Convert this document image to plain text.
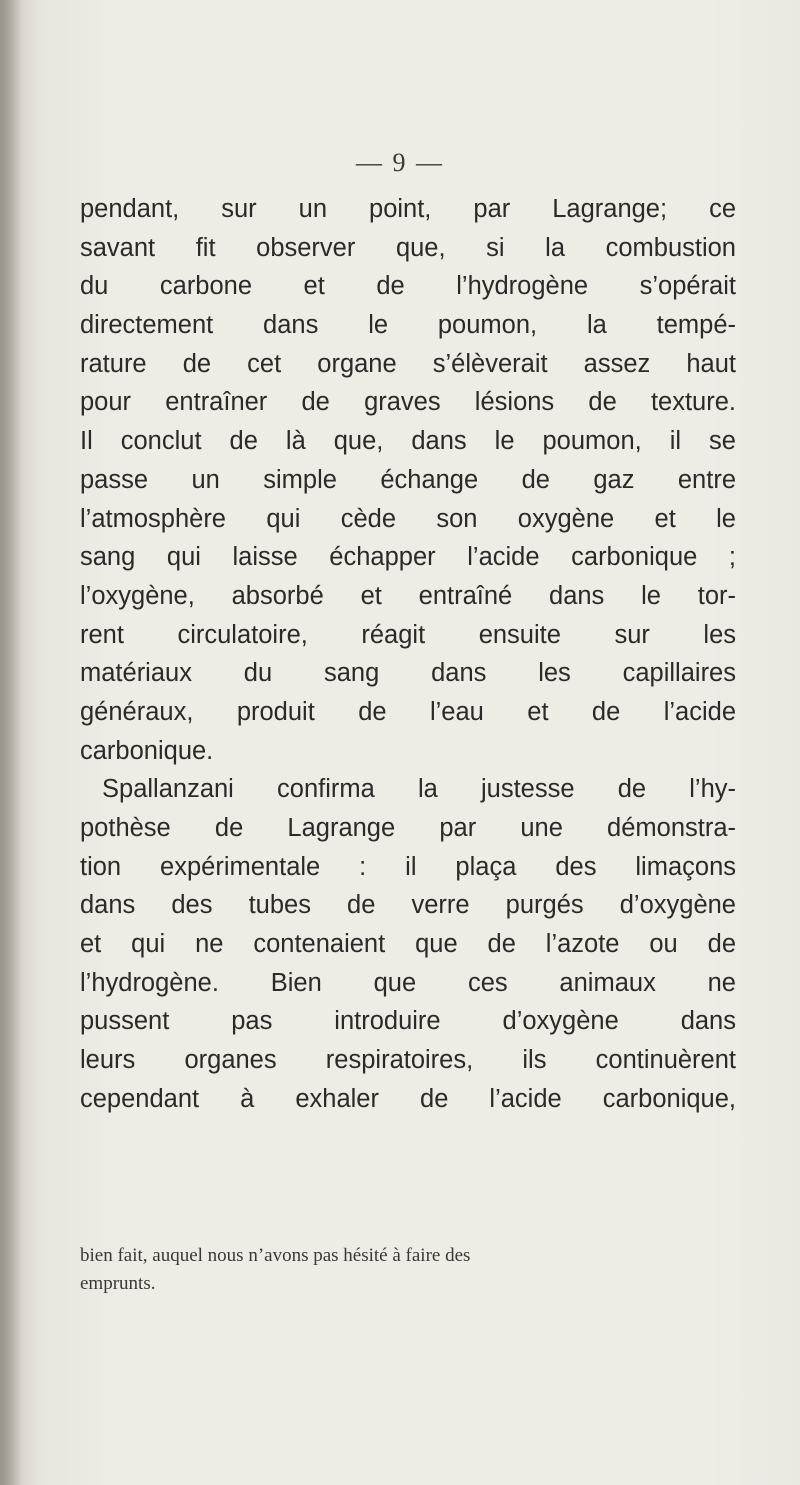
— 9 —
pendant, sur un point, par Lagrange; ce
savant fit observer que, si la combustion
du carbone et de l’hydrogène s’opérait
directement dans le poumon, la tempé-
rature de cet organe s’élèverait assez haut
pour entraîner de graves lésions de texture.
Il conclut de là que, dans le poumon, il se
passe un simple échange de gaz entre
l’atmosphère qui cède son oxygène et le
sang qui laisse échapper l’acide carbonique ;
l’oxygène, absorbé et entraîné dans le tor-
rent circulatoire, réagit ensuite sur les
matériaux du sang dans les capillaires
généraux, produit de l’eau et de l’acide
carbonique.
Spallanzani confirma la justesse de l’hy-
pothèse de Lagrange par une démonstra-
tion expérimentale : il plaça des limaçons
dans des tubes de verre purgés d’oxygène
et qui ne contenaient que de l’azote ou de
l’hydrogène. Bien que ces animaux ne
pussent pas introduire d’oxygène dans
leurs organes respiratoires, ils continuèrent
cependant à exhaler de l’acide carbonique,
bien fait, auquel nous n’avons pas hésité à faire des
emprunts.
